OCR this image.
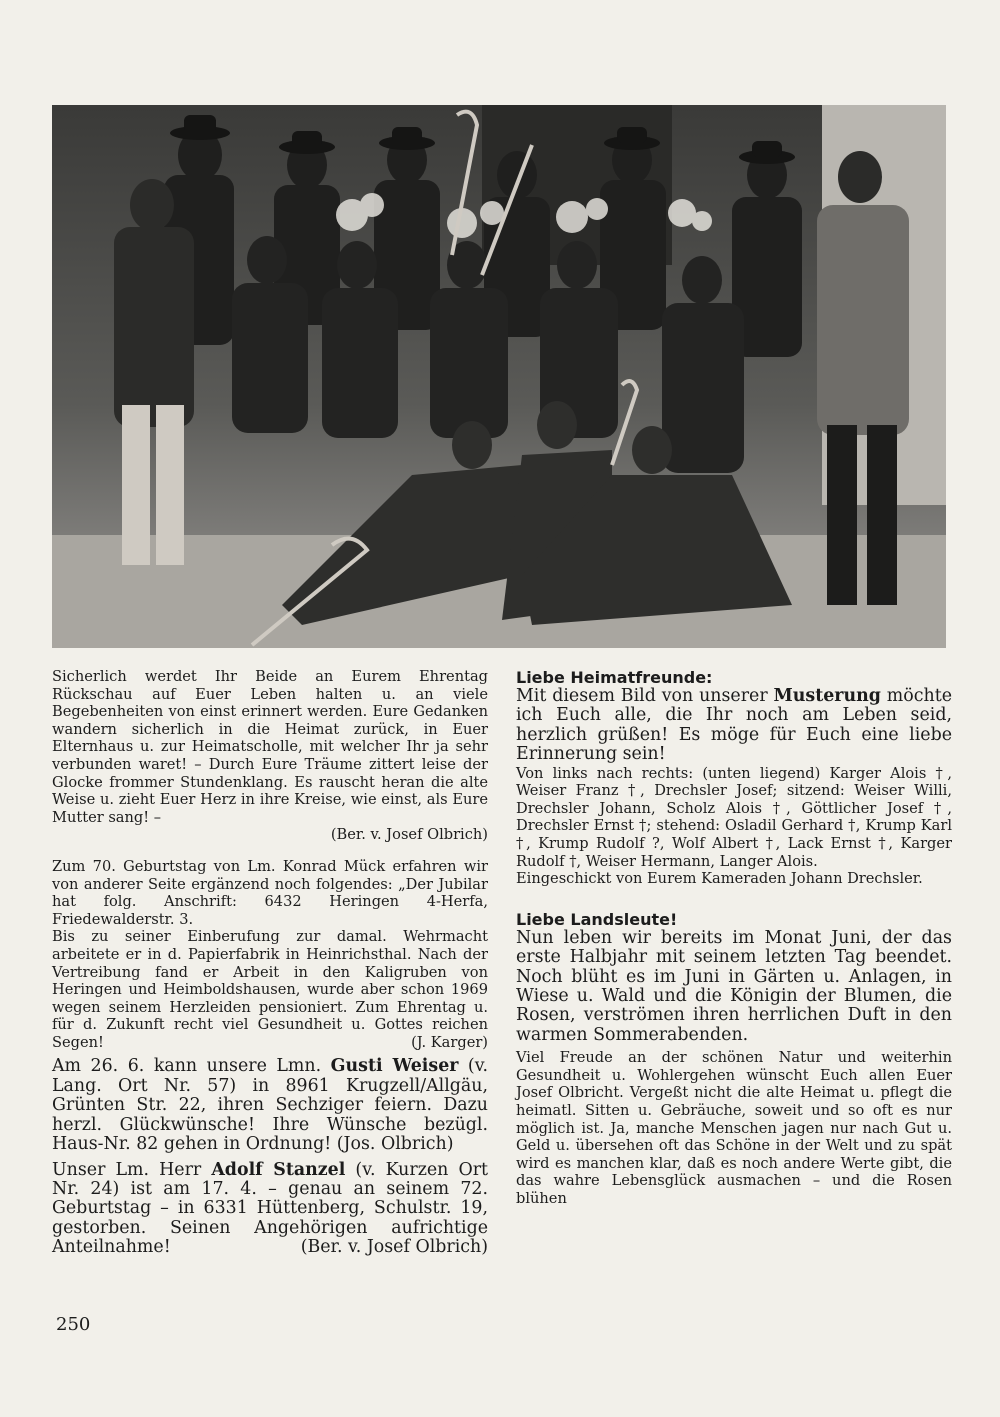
Sicherlich werdet Ihr Beide an Eurem Ehrentag Rückschau auf Euer Leben halten u. an viele Begebenheiten von einst erinnert werden. Eure Gedanken wandern sicherlich in die Heimat zurück, in Euer Elternhaus u. zur Heimatscholle, mit welcher Ihr ja sehr verbunden waret! – Durch Eure Träume zittert leise der Glocke frommer Stundenklang. Es rauscht heran die alte Weise u. zieht Euer Herz in ihre Kreise, wie einst, als Eure Mutter sang! –

(Ber. v. Josef Olbrich)

Zum 70. Geburtstag von Lm. Konrad Mück erfahren wir von anderer Seite ergänzend noch folgendes: „Der Jubilar hat folg. Anschrift: 6432 Heringen 4-Herfa, Friedewalderstr. 3.

Bis zu seiner Einberufung zur damal. Wehrmacht arbeitete er in d. Papierfabrik in Heinrichsthal. Nach der Vertreibung fand er Arbeit in den Kaligruben von Heringen und Heimboldshausen, wurde aber schon 1969 wegen seinem Herzleiden pensioniert. Zum Ehrentag u. für d. Zukunft recht viel Gesundheit u. Gottes reichen Segen!	(J. Karger)

Am 26. 6. kann unsere Lmn. Gusti Weiser (v. Lang. Ort Nr. 57) in 8961 Krugzell/Allgäu, Grünten Str. 22, ihren Sechziger feiern. Dazu herzl. Glückwünsche! Ihre Wünsche bezügl. Haus-Nr. 82 gehen in Ordnung! (Jos. Olbrich)

Unser Lm. Herr Adolf Stanzel (v. Kurzen Ort Nr. 24) ist am 17. 4. – genau an seinem 72. Geburtstag – in 6331 Hüttenberg, Schulstr. 19, gestorben. Seinen Angehörigen aufrichtige Anteilnahme!	(Ber. v. Josef Olbrich)

Liebe Heimatfreunde:

Mit diesem Bild von unserer Musterung möchte ich Euch alle, die Ihr noch am Leben seid, herzlich grüßen! Es möge für Euch eine liebe Erinnerung sein!

Von links nach rechts: (unten liegend) Karger Alois †, Weiser Franz †, Drechsler Josef; sitzend: Weiser Willi, Drechsler Johann, Scholz Alois †, Göttlicher Josef †, Drechsler Ernst †; stehend: Osladil Gerhard †, Krump Karl †, Krump Rudolf ?, Wolf Albert †, Lack Ernst †, Karger Rudolf †, Weiser Hermann, Langer Alois.

Eingeschickt von Eurem Kameraden Johann Drechsler.

Liebe Landsleute!

Nun leben wir bereits im Monat Juni, der das erste Halbjahr mit seinem letzten Tag beendet. Noch blüht es im Juni in Gärten u. Anlagen, in Wiese u. Wald und die Königin der Blumen, die Rosen, verströmen ihren herrlichen Duft in den warmen Sommerabenden.

Viel Freude an der schönen Natur und weiterhin Gesundheit u. Wohlergehen wünscht Euch allen Euer Josef Olbricht. Vergeßt nicht die alte Heimat u. pflegt die heimatl. Sitten u. Gebräuche, soweit und so oft es nur möglich ist. Ja, manche Menschen jagen nur nach Gut u. Geld u. übersehen oft das Schöne in der Welt und zu spät wird es manchen klar, daß es noch andere Werte gibt, die das wahre Lebensglück ausmachen – und die Rosen blühen

250
